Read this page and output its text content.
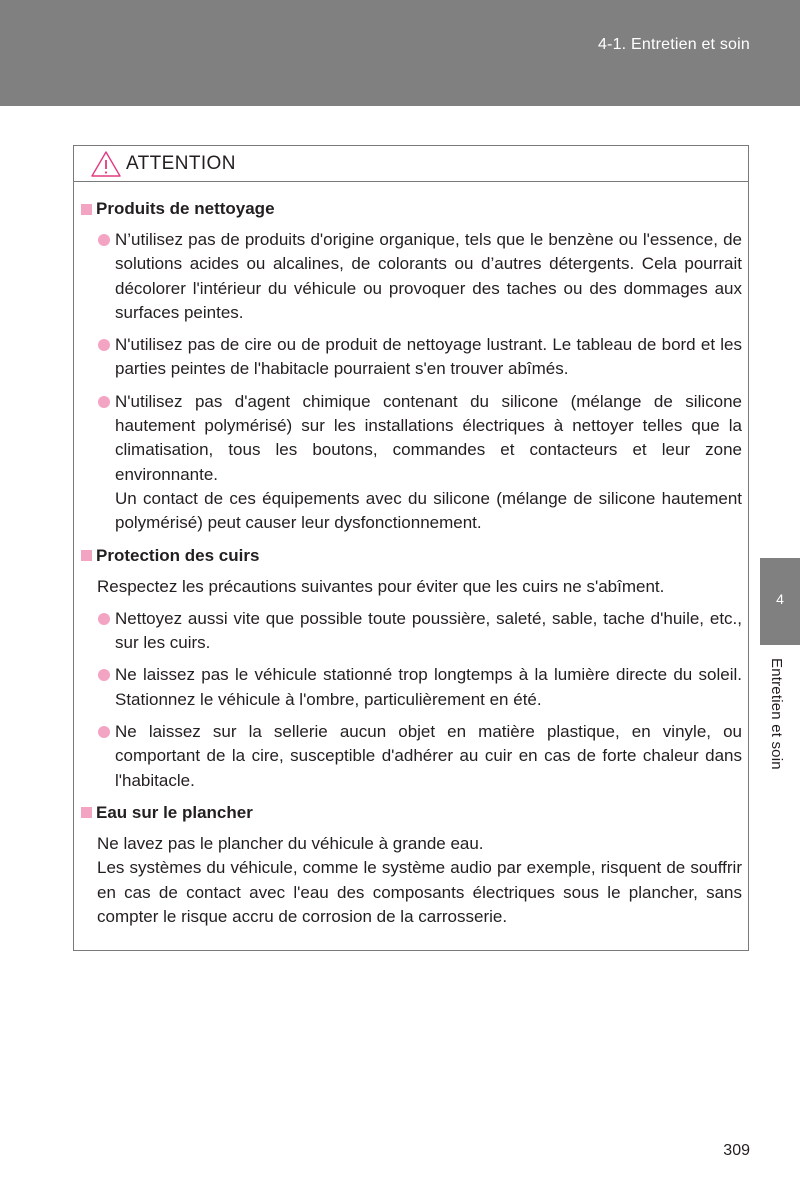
4-1. Entretien et soin
4
Entretien et soin
ATTENTION
Produits de nettoyage
N’utilisez pas de produits d'origine organique, tels que le benzène ou l'essence, de solutions acides ou alcalines, de colorants ou d’autres détergents. Cela pourrait décolorer l'intérieur du véhicule ou provoquer des taches ou des dommages aux surfaces peintes.
N'utilisez pas de cire ou de produit de nettoyage lustrant. Le tableau de bord et les parties peintes de l'habitacle pourraient s'en trouver abîmés.
N'utilisez pas d'agent chimique contenant du silicone (mélange de silicone hautement polymérisé) sur les installations électriques à nettoyer telles que la climatisation, tous les boutons, commandes et contacteurs et leur zone environnante.
Un contact de ces équipements avec du silicone (mélange de silicone hautement polymérisé) peut causer leur dysfonctionnement.
Protection des cuirs
Respectez les précautions suivantes pour éviter que les cuirs ne s'abîment.
Nettoyez aussi vite que possible toute poussière, saleté, sable, tache d'huile, etc., sur les cuirs.
Ne laissez pas le véhicule stationné trop longtemps à la lumière directe du soleil. Stationnez le véhicule à l'ombre, particulièrement en été.
Ne laissez sur la sellerie aucun objet en matière plastique, en vinyle, ou comportant de la cire, susceptible d'adhérer au cuir en cas de forte chaleur dans l'habitacle.
Eau sur le plancher
Ne lavez pas le plancher du véhicule à grande eau.
Les systèmes du véhicule, comme le système audio par exemple, risquent de souffrir en cas de contact avec l'eau des composants électriques sous le plancher, sans compter le risque accru de corrosion de la carrosserie.
309
